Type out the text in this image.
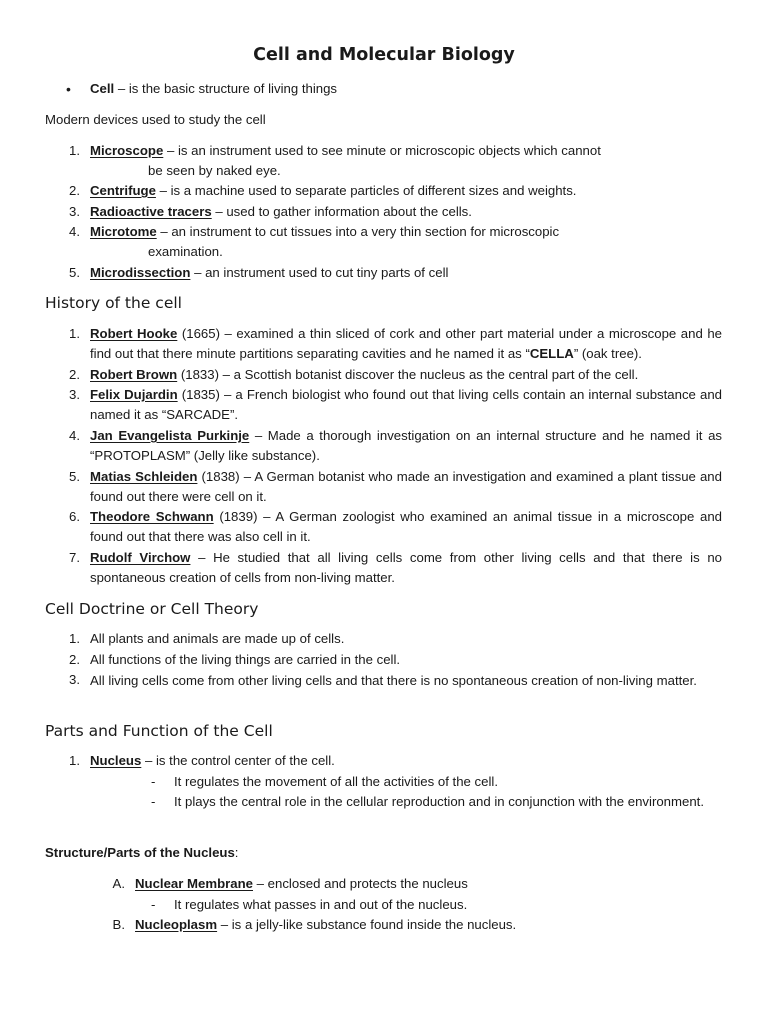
Cell and Molecular Biology
• Cell – is the basic structure of living things
Modern devices used to study the cell
1. Microscope – is an instrument used to see minute or microscopic objects which cannot
be seen by naked eye.
2. Centrifuge – is a machine used to separate particles of different sizes and weights.
3. Radioactive tracers – used to gather information about the cells.
4. Microtome – an instrument to cut tissues into a very thin section for microscopic
examination.
5. Microdissection – an instrument used to cut tiny parts of cell
History of the cell
1. Robert Hooke (1665) – examined a thin sliced of cork and other part material under a microscope and he find out that there minute partitions separating cavities and he named it as “CELLA” (oak tree).
2. Robert Brown (1833) – a Scottish botanist discover the nucleus as the central part of the cell.
3. Felix Dujardin (1835) – a French biologist who found out that living cells contain an internal substance and named it as “SARCADE”.
4. Jan Evangelista Purkinje – Made a thorough investigation on an internal structure and he named it as “PROTOPLASM” (Jelly like substance).
5. Matias Schleiden (1838) – A German botanist who made an investigation and examined a plant tissue and found out there were cell on it.
6. Theodore Schwann (1839) – A German zoologist who examined an animal tissue in a microscope and found out that there was also cell in it.
7. Rudolf Virchow – He studied that all living cells come from other living cells and that there is no spontaneous creation of cells from non-living matter.
Cell Doctrine or Cell Theory
1. All plants and animals are made up of cells.
2. All functions of the living things are carried in the cell.
3. All living cells come from other living cells and that there is no spontaneous creation of non-living matter.
Parts and Function of the Cell
1. Nucleus – is the control center of the cell.
- It regulates the movement of all the activities of the cell.
- It plays the central role in the cellular reproduction and in conjunction with the environment.
Structure/Parts of the Nucleus:
A. Nuclear Membrane – enclosed and protects the nucleus
- It regulates what passes in and out of the nucleus.
B. Nucleoplasm – is a jelly-like substance found inside the nucleus.
